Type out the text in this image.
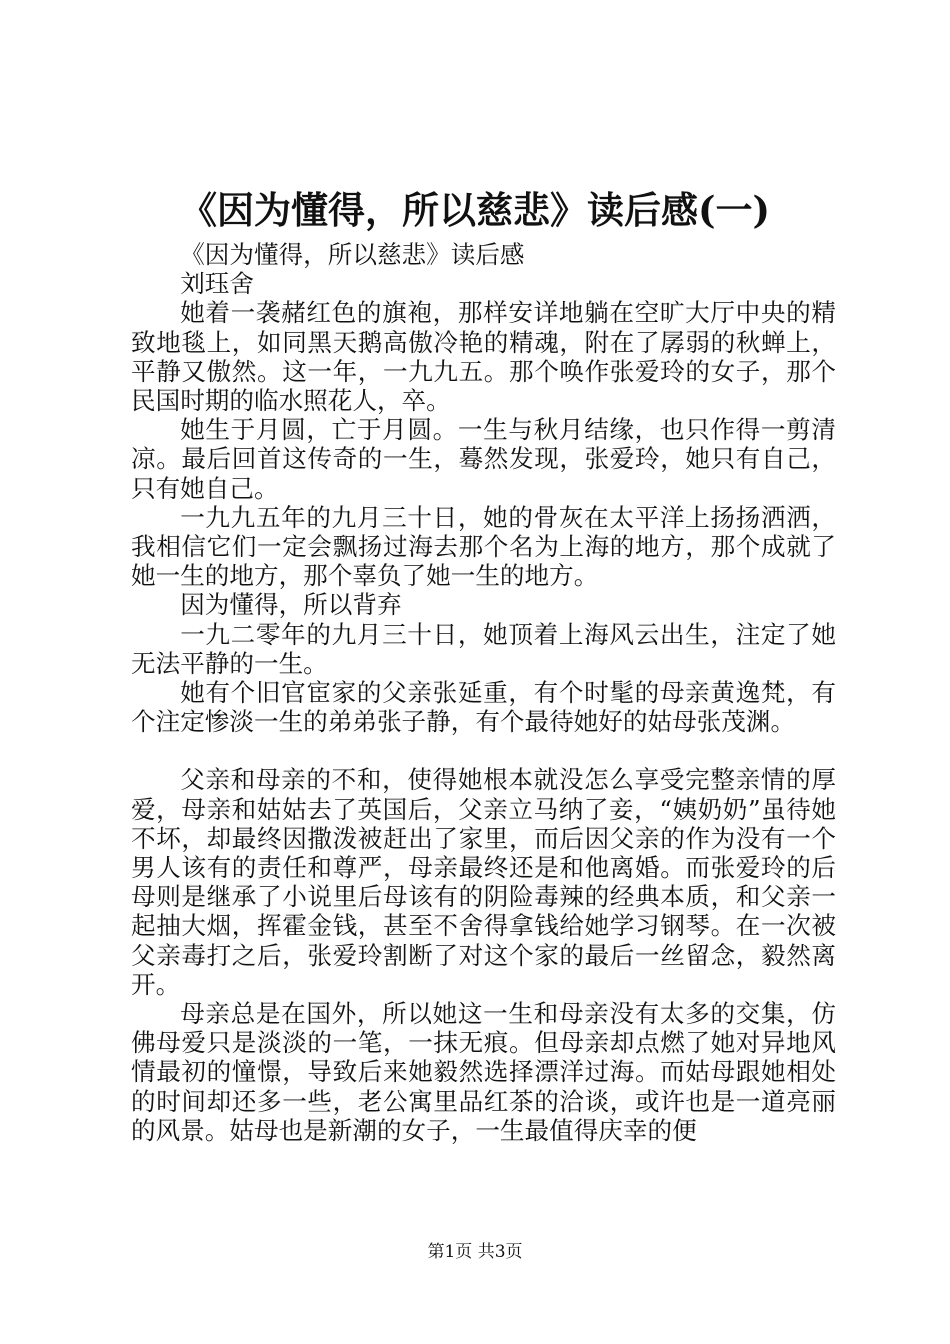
《因为懂得，所以慈悲》读后感(一)

《因为懂得，所以慈悲》读后感

刘珏舍

她着一袭赭红色的旗袍，那样安详地躺在空旷大厅中央的精致地毯上，如同黑天鹅高傲冷艳的精魂，附在了孱弱的秋蝉上，平静又傲然。这一年，一九九五。那个唤作张爱玲的女子，那个民国时期的临水照花人，卒。

她生于月圆，亡于月圆。一生与秋月结缘，也只作得一剪清凉。最后回首这传奇的一生，蓦然发现，张爱玲，她只有自己，只有她自己。

一九九五年的九月三十日，她的骨灰在太平洋上扬扬洒洒，我相信它们一定会飘扬过海去那个名为上海的地方，那个成就了她一生的地方，那个辜负了她一生的地方。

因为懂得，所以背弃

一九二零年的九月三十日，她顶着上海风云出生，注定了她无法平静的一生。

她有个旧官宦家的父亲张延重，有个时髦的母亲黄逸梵，有个注定惨淡一生的弟弟张子静，有个最待她好的姑母张茂渊。

父亲和母亲的不和，使得她根本就没怎么享受完整亲情的厚爱，母亲和姑姑去了英国后，父亲立马纳了妾，“姨奶奶”虽待她不坏，却最终因撒泼被赶出了家里，而后因父亲的作为没有一个男人该有的责任和尊严，母亲最终还是和他离婚。而张爱玲的后母则是继承了小说里后母该有的阴险毒辣的经典本质，和父亲一起抽大烟，挥霍金钱，甚至不舍得拿钱给她学习钢琴。在一次被父亲毒打之后，张爱玲割断了对这个家的最后一丝留念，毅然离开。

母亲总是在国外，所以她这一生和母亲没有太多的交集，仿佛母爱只是淡淡的一笔，一抹无痕。但母亲却点燃了她对异地风情最初的憧憬，导致后来她毅然选择漂洋过海。而姑母跟她相处的时间却还多一些，老公寓里品红茶的洽谈，或许也是一道亮丽的风景。姑母也是新潮的女子，一生最值得庆幸的便

第1页 共3页
